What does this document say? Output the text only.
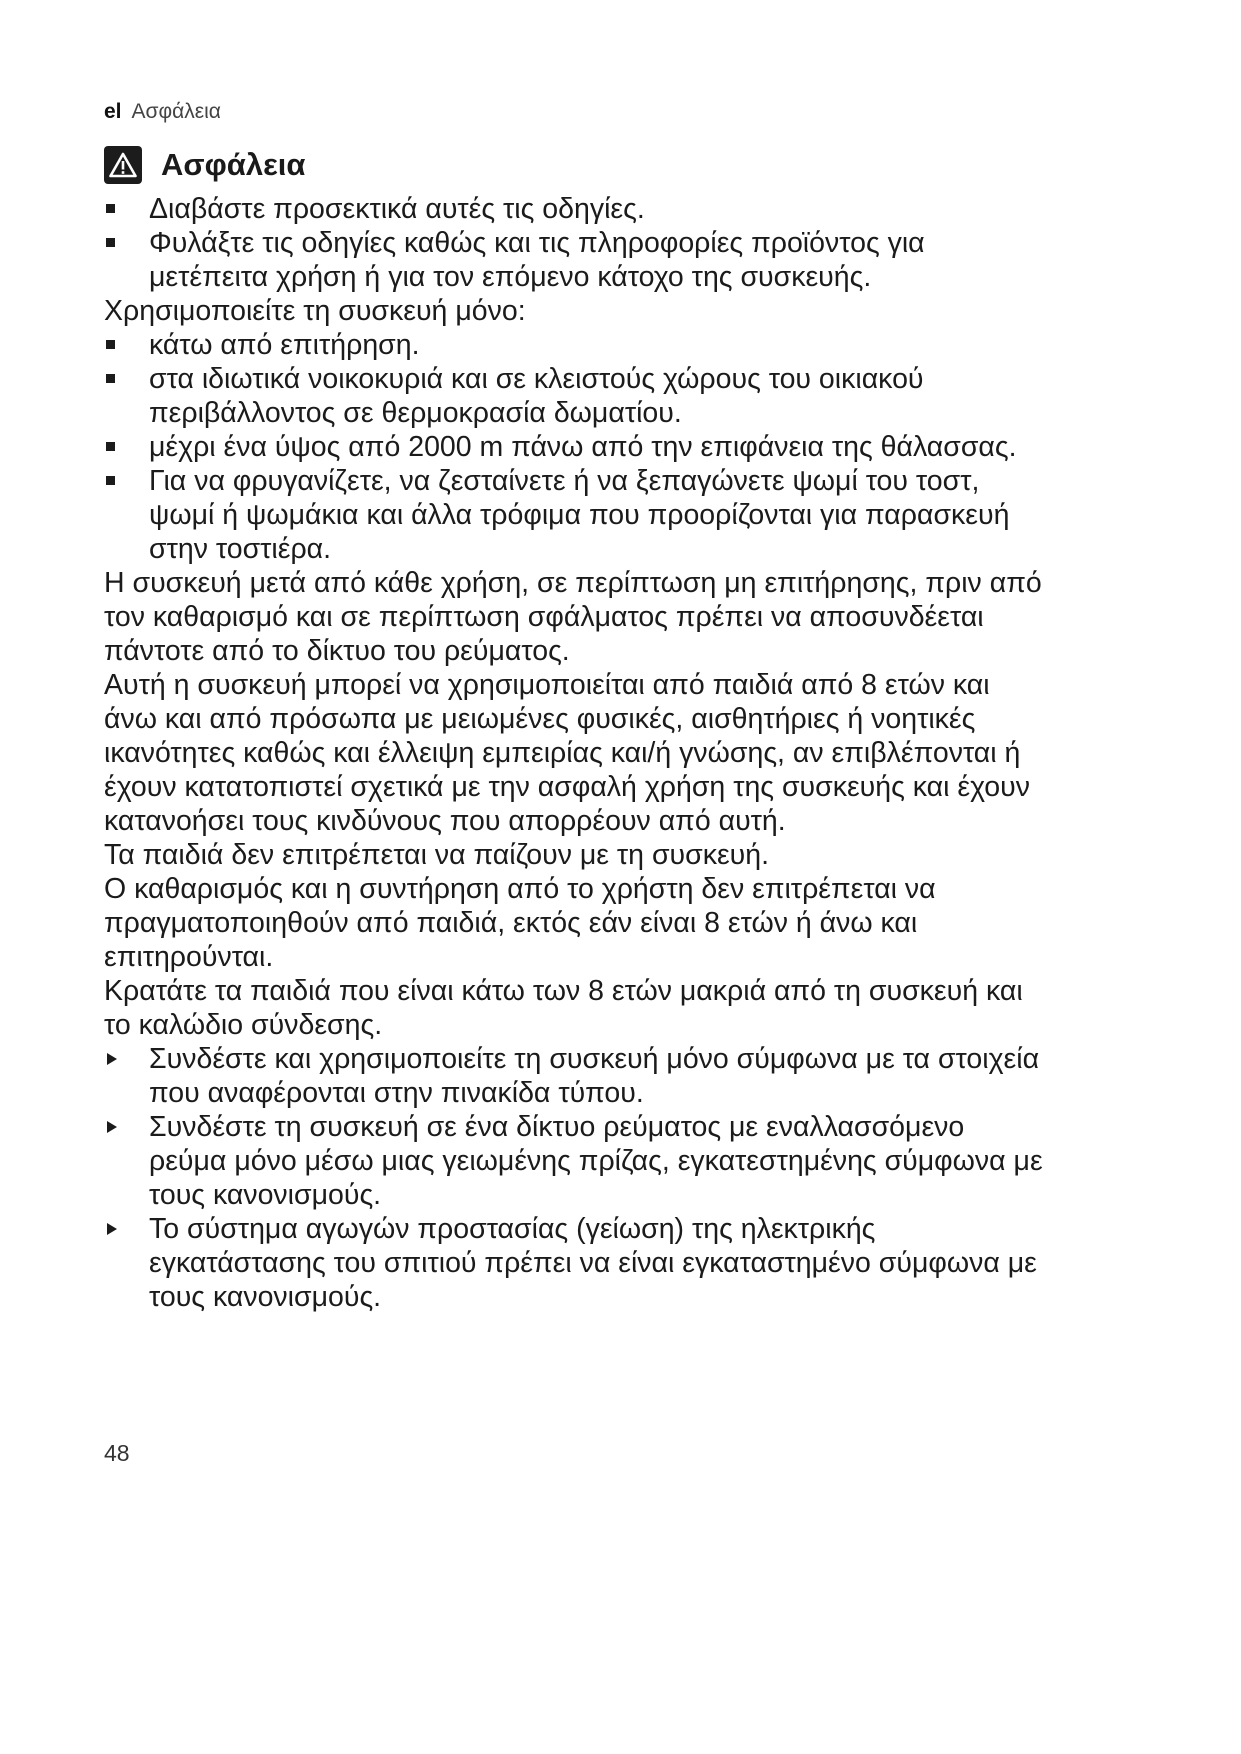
el Ασφάλεια
Ασφάλεια
Διαβάστε προσεκτικά αυτές τις οδηγίες.
Φυλάξτε τις οδηγίες καθώς και τις πληροφορίες προϊόντος για μετέπειτα χρήση ή για τον επόμενο κάτοχο της συσκευής.
Χρησιμοποιείτε τη συσκευή μόνο:
κάτω από επιτήρηση.
στα ιδιωτικά νοικοκυριά και σε κλειστούς χώρους του οικιακού περιβάλλοντος σε θερμοκρασία δωματίου.
μέχρι ένα ύψος από 2000 m πάνω από την επιφάνεια της θάλασσας.
Για να φρυγανίζετε, να ζεσταίνετε ή να ξεπαγώνετε ψωμί του τοστ, ψωμί ή ψωμάκια και άλλα τρόφιμα που προορίζονται για παρασκευή στην τοστιέρα.
Η συσκευή μετά από κάθε χρήση, σε περίπτωση μη επιτήρησης, πριν από τον καθαρισμό και σε περίπτωση σφάλματος πρέπει να αποσυνδέεται πάντοτε από το δίκτυο του ρεύματος.
Αυτή η συσκευή μπορεί να χρησιμοποιείται από παιδιά από 8 ετών και άνω και από πρόσωπα με μειωμένες φυσικές, αισθητήριες ή νοητικές ικανότητες καθώς και έλλειψη εμπειρίας και/ή γνώσης, αν επιβλέπονται ή έχουν κατατοπιστεί σχετικά με την ασφαλή χρήση της συσκευής και έχουν κατανοήσει τους κινδύνους που απορρέουν από αυτή.
Τα παιδιά δεν επιτρέπεται να παίζουν με τη συσκευή.
Ο καθαρισμός και η συντήρηση από το χρήστη δεν επιτρέπεται να πραγματοποιηθούν από παιδιά, εκτός εάν είναι 8 ετών ή άνω και επιτηρούνται.
Κρατάτε τα παιδιά που είναι κάτω των 8 ετών μακριά από τη συσκευή και το καλώδιο σύνδεσης.
Συνδέστε και χρησιμοποιείτε τη συσκευή μόνο σύμφωνα με τα στοιχεία που αναφέρονται στην πινακίδα τύπου.
Συνδέστε τη συσκευή σε ένα δίκτυο ρεύματος με εναλλασσόμενο ρεύμα μόνο μέσω μιας γειωμένης πρίζας, εγκατεστημένης σύμφωνα με τους κανονισμούς.
Το σύστημα αγωγών προστασίας (γείωση) της ηλεκτρικής εγκατάστασης του σπιτιού πρέπει να είναι εγκαταστημένο σύμφωνα με τους κανονισμούς.
48
